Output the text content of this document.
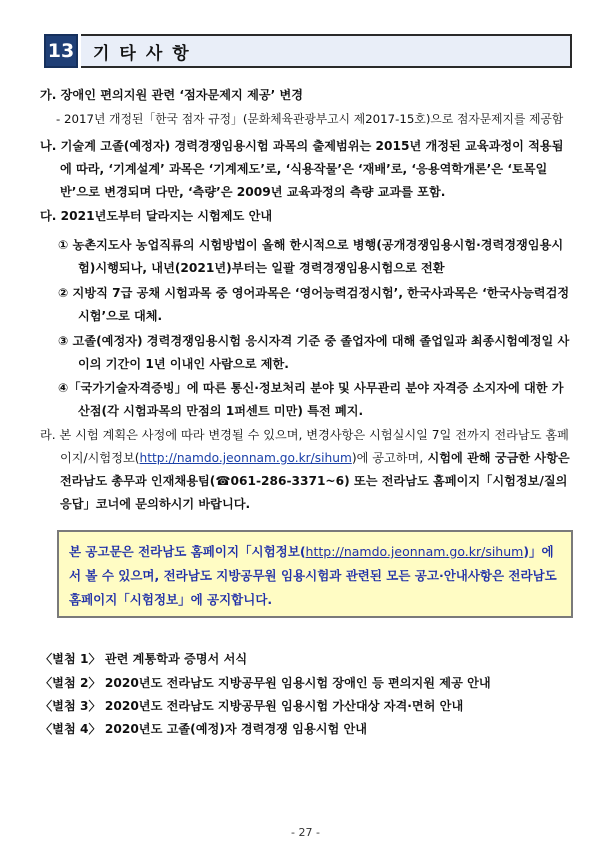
13	기타사항
가. 장애인 편의지원 관련 ‘점자문제지 제공’ 변경
- 2017년 개정된「한국 점자 규정」(문화체육관광부고시 제2017-15호)으로 점자문제지를 제공함
나. 기술계 고졸(예정자) 경력경쟁임용시험 과목의 출제범위는 2015년 개정된 교육과정이 적용됨에 따라, ‘기계설계’ 과목은 ‘기계제도’로, ‘식용작물’은 ‘재배’로, ‘응용역학개론’은 ‘토목일반’으로 변경되며 다만, ‘측량’은 2009년 교육과정의 측량 교과를 포함.
다. 2021년도부터 달라지는 시험제도 안내
① 농촌지도사 농업직류의 시험방법이 올해 한시적으로 병행(공개경쟁임용시험·경력경쟁임용시험)시행되나, 내년(2021년)부터는 일괄 경력경쟁임용시험으로 전환
② 지방직 7급 공채 시험과목 중 영어과목은 ‘영어능력검정시험’, 한국사과목은 ‘한국사능력검정시험’으로 대체.
③ 고졸(예정자) 경력경쟁임용시험 응시자격 기준 중 졸업자에 대해 졸업일과 최종시험예정일 사이의 기간이 1년 이내인 사람으로 제한.
④「국가기술자격증빙」에 따른 통신·정보처리 분야 및 사무관리 분야 자격증 소지자에 대한 가산점(각 시험과목의 만점의 1퍼센트 미만) 특전 폐지.
라. 본 시험 계획은 사정에 따라 변경될 수 있으며, 변경사항은 시험실시일 7일 전까지 전라남도 홈페이지/시험정보(http://namdo.jeonnam.go.kr/sihum)에 공고하며, 시험에 관해 궁금한 사항은 전라남도 총무과 인재채용팀(☎061-286-3371~6) 또는 전라남도 홈페이지「시험정보/질의응답」코너에 문의하시기 바랍니다.
본 공고문은 전라남도 홈페이지「시험정보(http://namdo.jeonnam.go.kr/sihum)」에서 볼 수 있으며, 전라남도 지방공무원 임용시험과 관련된 모든 공고·안내사항은 전라남도 홈페이지「시험정보」에 공지합니다.
〈별첨 1〉 관련 계통학과 증명서 서식
〈별첨 2〉 2020년도 전라남도 지방공무원 임용시험 장애인 등 편의지원 제공 안내
〈별첨 3〉 2020년도 전라남도 지방공무원 임용시험 가산대상 자격·면허 안내
〈별첨 4〉 2020년도 고졸(예정)자 경력경쟁 임용시험 안내
- 27 -
